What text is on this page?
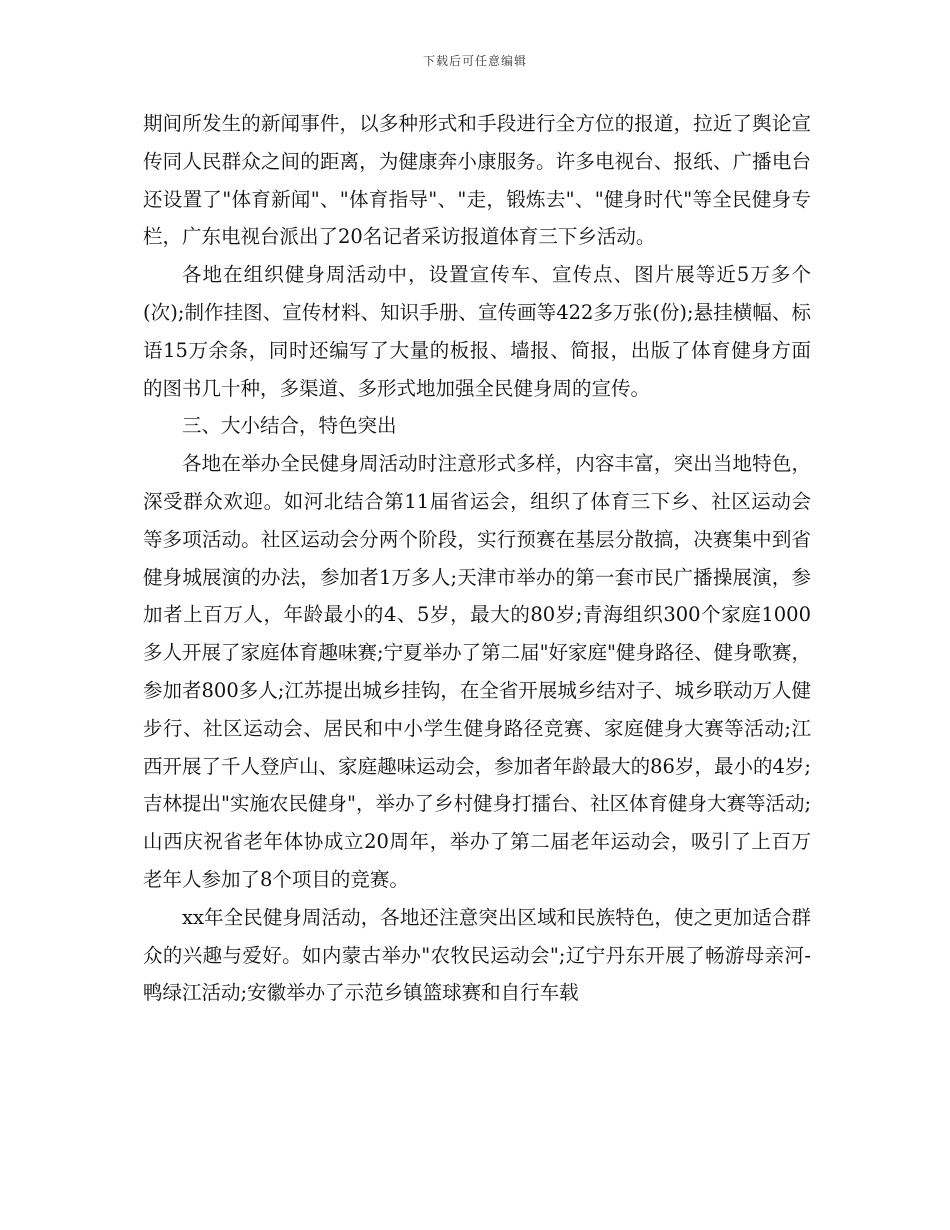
下载后可任意编辑

期间所发生的新闻事件，以多种形式和手段进行全方位的报道，拉近了舆论宣传同人民群众之间的距离，为健康奔小康服务。许多电视台、报纸、广播电台还设置了"体育新闻"、"体育指导"、"走，锻炼去"、"健身时代"等全民健身专栏，广东电视台派出了20名记者采访报道体育三下乡活动。

各地在组织健身周活动中，设置宣传车、宣传点、图片展等近5万多个(次);制作挂图、宣传材料、知识手册、宣传画等422多万张(份);悬挂横幅、标语15万余条，同时还编写了大量的板报、墙报、简报，出版了体育健身方面的图书几十种，多渠道、多形式地加强全民健身周的宣传。

三、大小结合，特色突出

各地在举办全民健身周活动时注意形式多样，内容丰富，突出当地特色，深受群众欢迎。如河北结合第11届省运会，组织了体育三下乡、社区运动会等多项活动。社区运动会分两个阶段，实行预赛在基层分散搞，决赛集中到省健身城展演的办法，参加者1万多人;天津市举办的第一套市民广播操展演，参加者上百万人，年龄最小的4、5岁，最大的80岁;青海组织300个家庭1000多人开展了家庭体育趣味赛;宁夏举办了第二届"好家庭"健身路径、健身歌赛，参加者800多人;江苏提出城乡挂钩，在全省开展城乡结对子、城乡联动万人健步行、社区运动会、居民和中小学生健身路径竞赛、家庭健身大赛等活动;江西开展了千人登庐山、家庭趣味运动会，参加者年龄最大的86岁，最小的4岁;吉林提出"实施农民健身"，举办了乡村健身打擂台、社区体育健身大赛等活动;山西庆祝省老年体协成立20周年，举办了第二届老年运动会，吸引了上百万老年人参加了8个项目的竞赛。

xx年全民健身周活动，各地还注意突出区域和民族特色，使之更加适合群众的兴趣与爱好。如内蒙古举办"农牧民运动会";辽宁丹东开展了畅游母亲河-鸭绿江活动;安徽举办了示范乡镇篮球赛和自行车载
